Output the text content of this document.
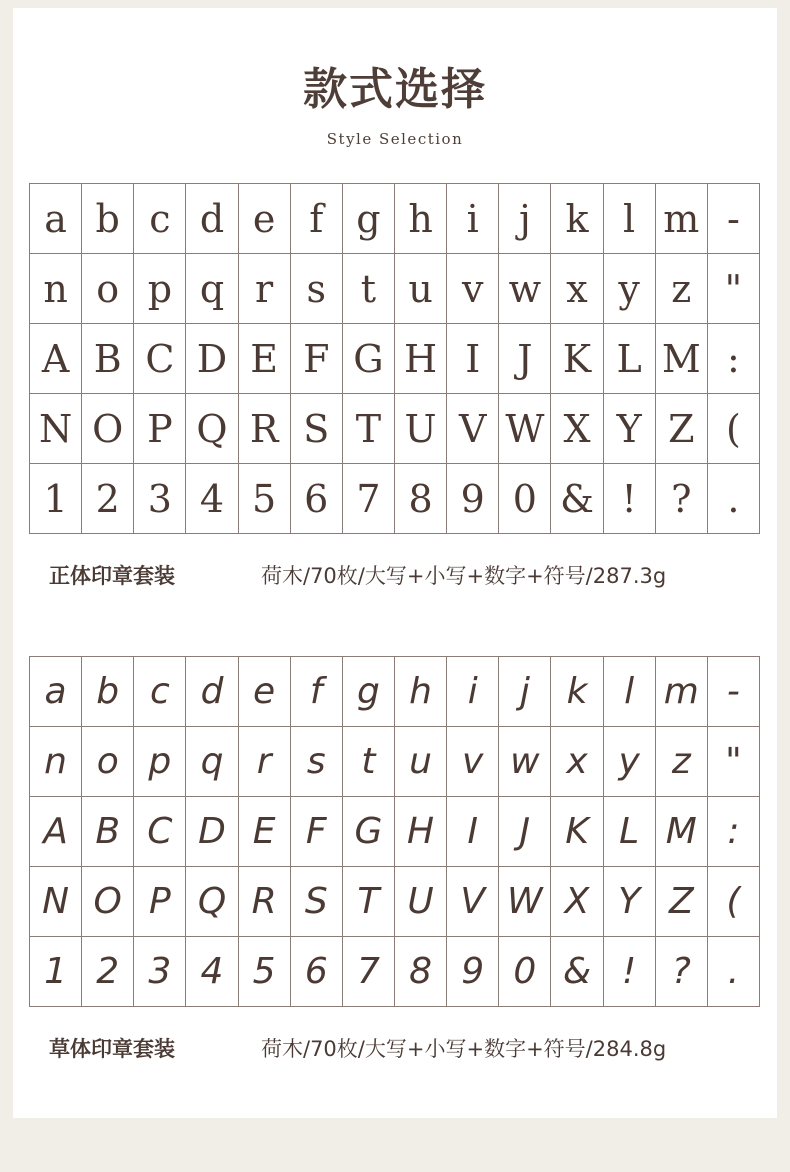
款式选择
Style Selection
a b c d e f g h i	j k l m -
n o p q r s t u v w x y z "
A B C D E F G H I J K L M :
N O P Q R S T U V W X Y Z (
1 2 3 4 5 6 7 8 9 0 & ! ? .
正体印章套装	荷木/70枚/大写+小写+数字+符号/287.3g
a b c d e f g h i	j	k	l m -
n o p q r s t u v w x y z "
A B C D E F G H I	J K L M :
N O P Q R S T U V W X Y Z (
1 2 3 4 5 6 7 8 9 0 & ! ?	.
草体印章套装	荷木/70枚/大写+小写+数字+符号/284.8g
